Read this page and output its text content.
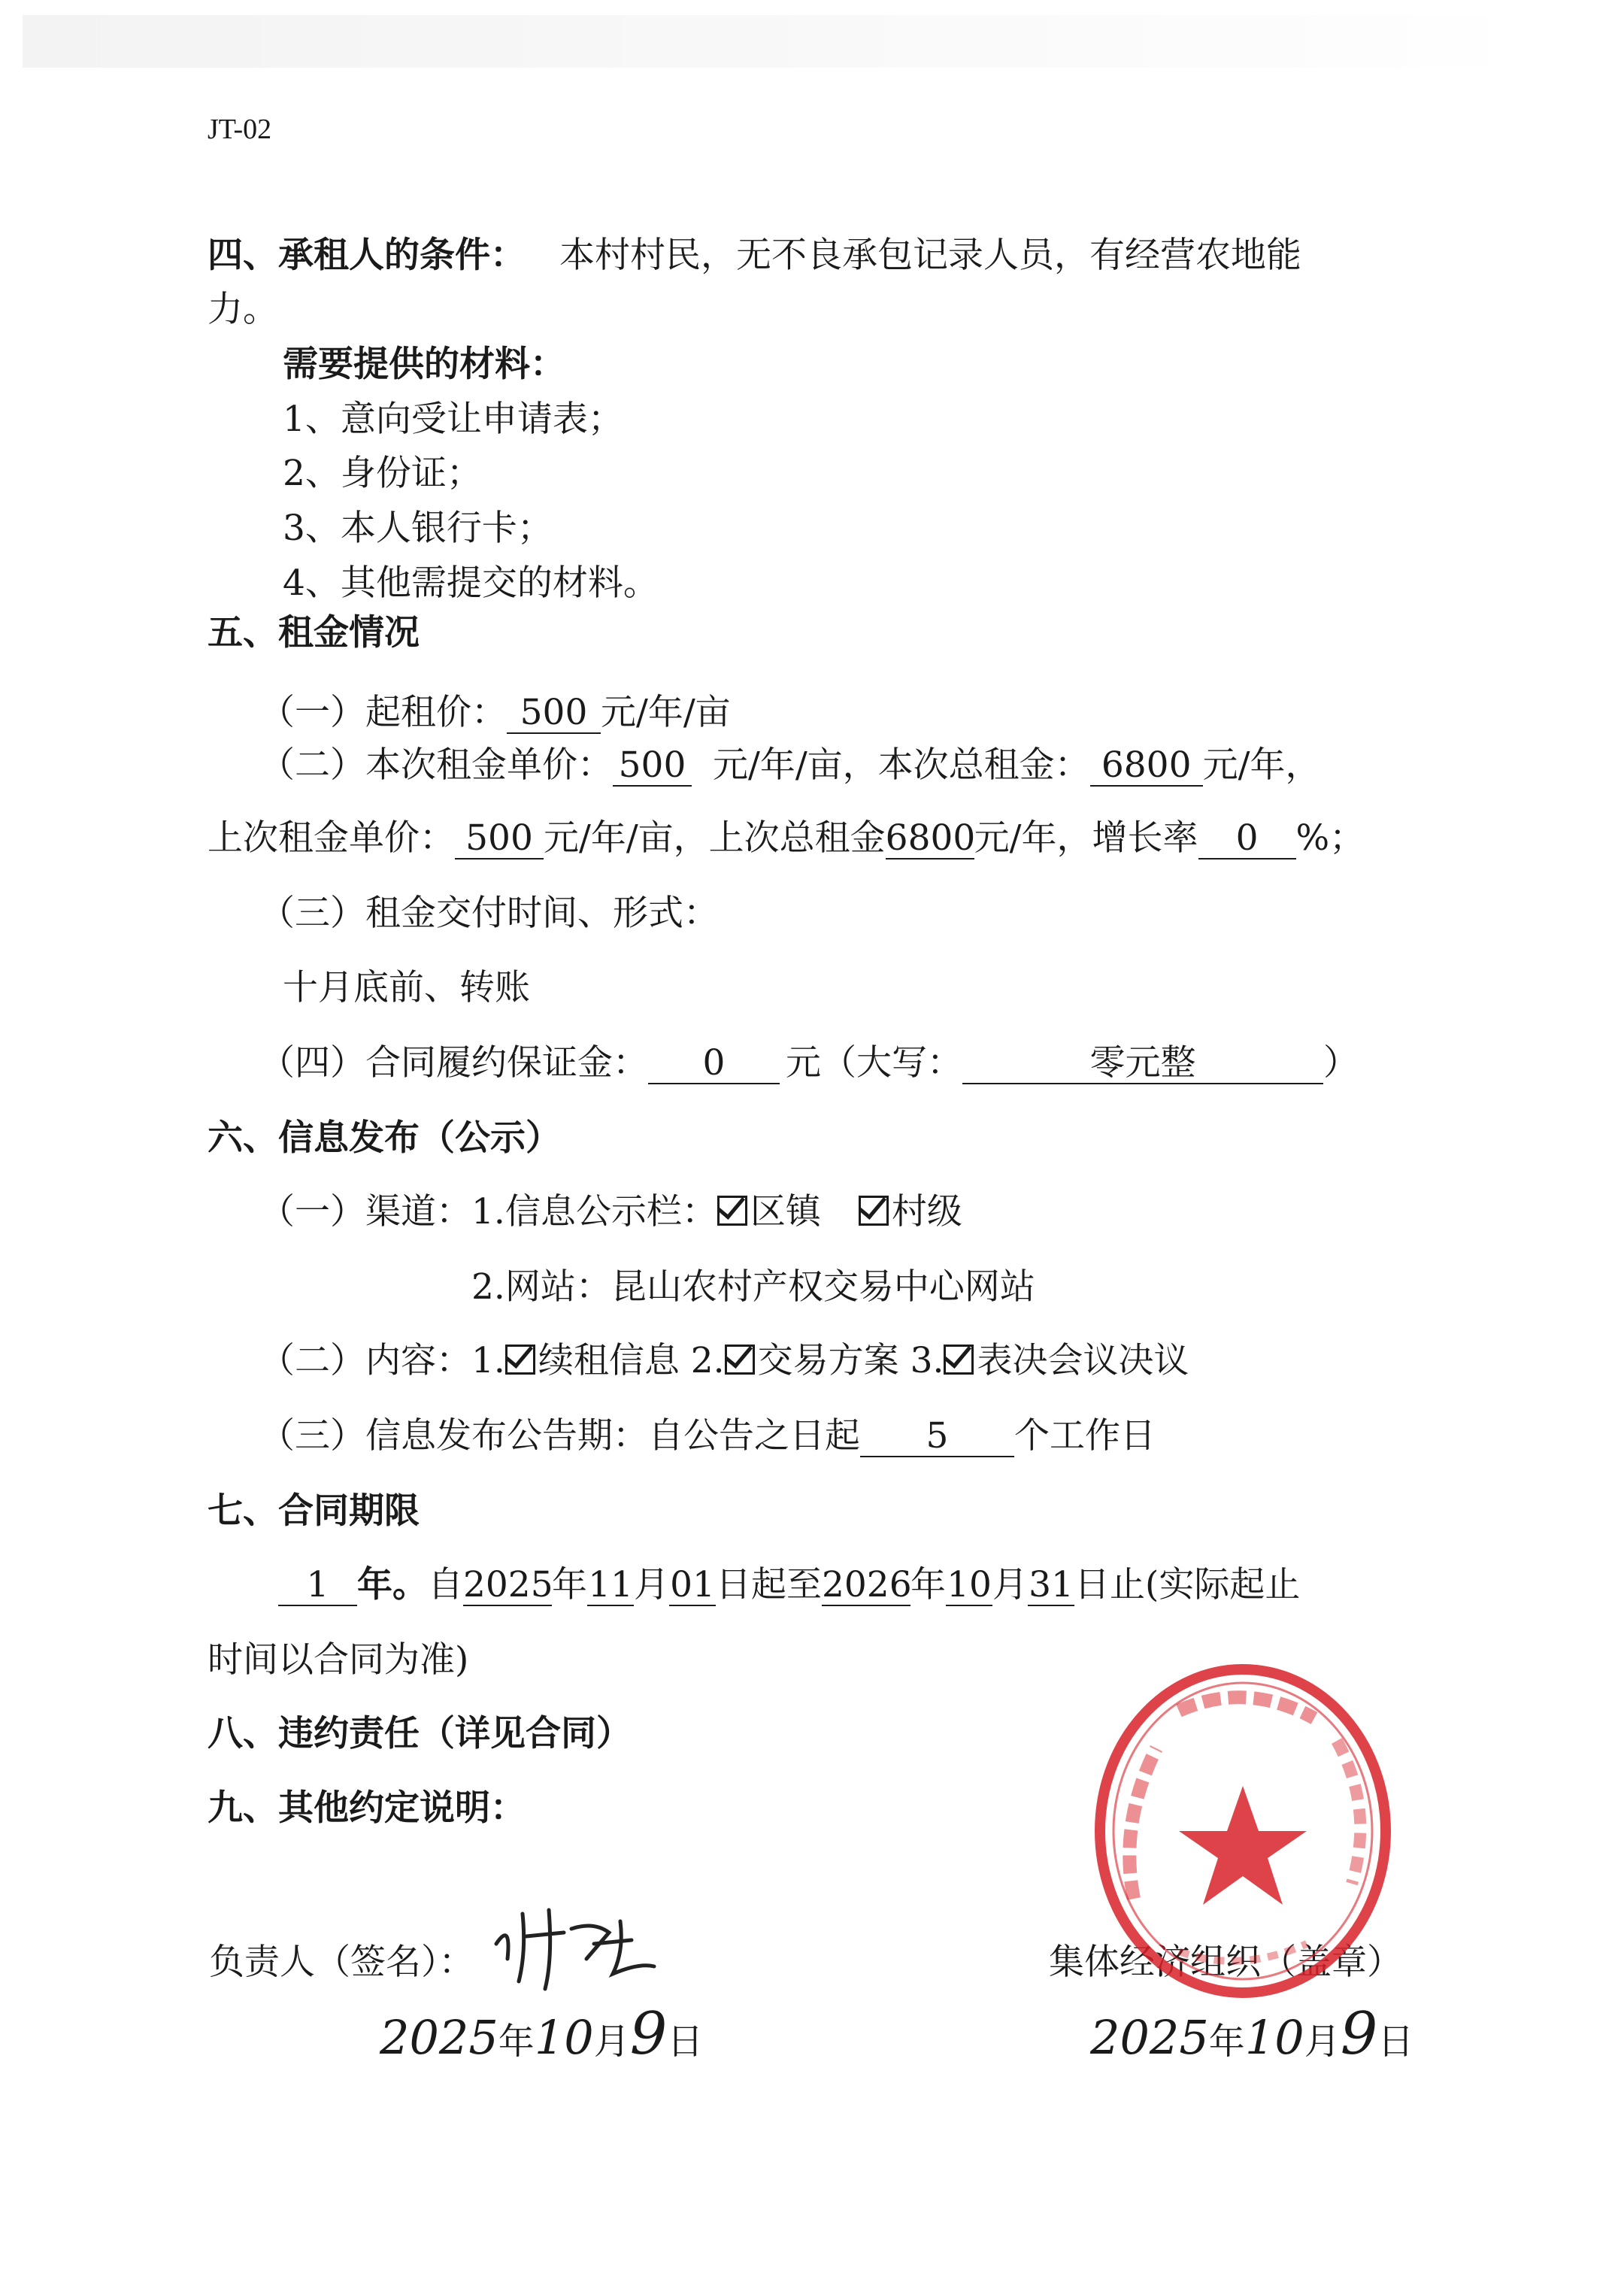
JT-02
四、承租人的条件： 本村村民，无不良承包记录人员，有经营农地能
力。
需要提供的材料：
1、意向受让申请表；
2、身份证；
3、本人银行卡；
4、其他需提交的材料。
五、租金情况
（一）起租价： 500 元/年/亩
（二）本次租金单价： 500 元/年/亩，本次总租金： 6800 元/年，
上次租金单价： 500 元/年/亩，上次总租金6800元/年，增长率 0 %；
（三）租金交付时间、形式：
十月底前、转账
（四）合同履约保证金： 0 元（大写：	零元整	）
六、信息发布（公示）
（一）渠道：1.信息公示栏： 区镇 村级
2.网站：昆山农村产权交易中心网站
（二）内容：1. 续租信息 2. 交易方案 3. 表决会议决议
（三）信息发布公告期：自公告之日起 5 个工作日
七、合同期限
1 年。自2025年11月01日起至2026年10月31日止(实际起止
时间以合同为准)
八、违约责任（详见合同）
九、其他约定说明：
负责人（签名）：	集体经济组织（盖章）
2025年10月9日	2025年10月9日
